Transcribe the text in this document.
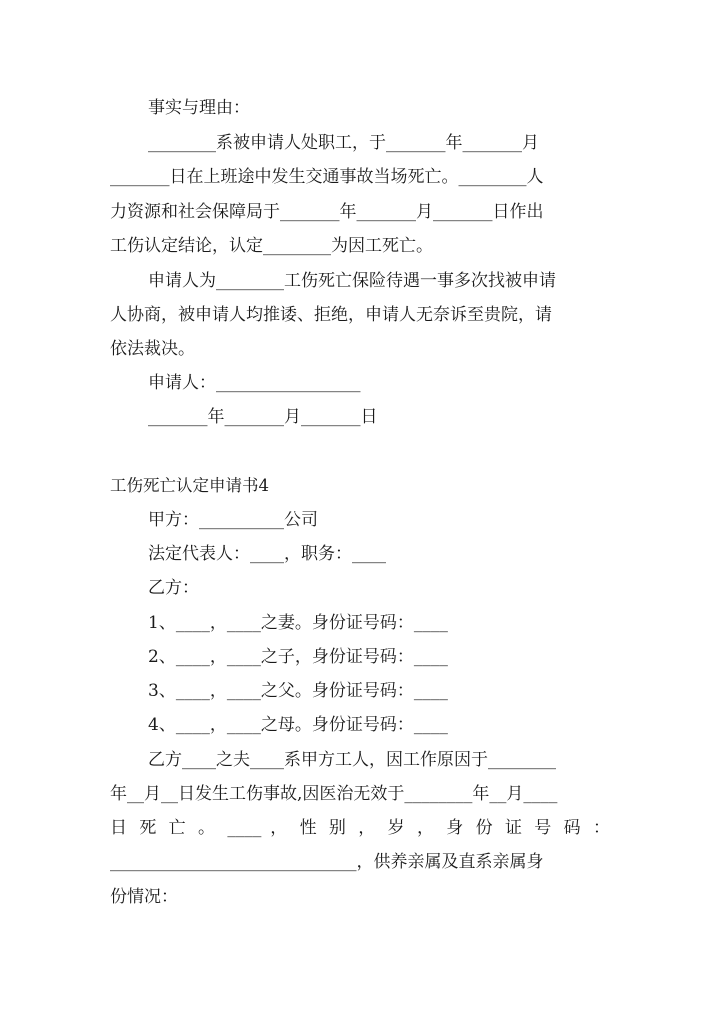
事实与理由：
________系被申请人处职工，于_______年_______月
_______日在上班途中发生交通事故当场死亡。________人
力资源和社会保障局于_______年_______月_______日作出
工伤认定结论，认定________为因工死亡。
申请人为________工伤死亡保险待遇一事多次找被申请
人协商，被申请人均推诿、拒绝，申请人无奈诉至贵院，请
依法裁决。
申请人：_________________
_______年_______月_______日
工伤死亡认定申请书4
甲方：__________公司
法定代表人：____，职务：____
乙方：
1、____，____之妻。身份证号码：____
2、____，____之子，身份证号码：____
3、____，____之父。身份证号码：____
4、____，____之母。身份证号码：____
乙方____之夫____系甲方工人，因工作原因于________
年__月__日发生工伤事故,因医治无效于________年__月____
日 死 亡 。 ____ ， 性 别 ， 岁 ， 身 份 证 号 码 ：
_____________________________，供养亲属及直系亲属身
份情况：
